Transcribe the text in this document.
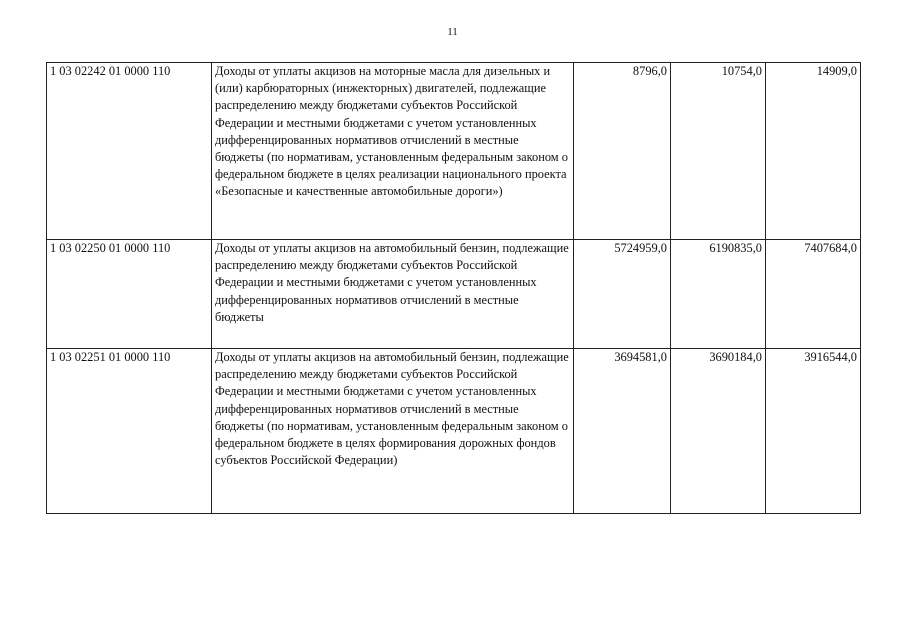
11
1 03 02242 01 0000 110	Доходы от уплаты акцизов на моторные масла для дизельных и (или) карбюраторных (инжекторных) двигателей, подлежащие распределению между бюджетами субъектов Российской Федерации и местными бюджетами с учетом установленных дифференцированных нормативов отчислений в местные бюджеты (по нормативам, установленным федеральным законом о федеральном бюджете в целях реализации национального проекта «Безопасные и качественные автомобильные дороги»)	8796,0	10754,0	14909,0
1 03 02250 01 0000 110	Доходы от уплаты акцизов на автомобильный бензин, подлежащие распределению между бюджетами субъектов Российской Федерации и местными бюджетами с учетом установленных дифференцированных нормативов отчислений в местные бюджеты	5724959,0	6190835,0	7407684,0
1 03 02251 01 0000 110	Доходы от уплаты акцизов на автомобильный бензин, подлежащие распределению между бюджетами субъектов Российской Федерации и местными бюджетами с учетом установленных дифференцированных нормативов отчислений в местные бюджеты (по нормативам, установленным федеральным законом о федеральном бюджете в целях формирования дорожных фондов субъектов Российской Федерации)	3694581,0	3690184,0	3916544,0
